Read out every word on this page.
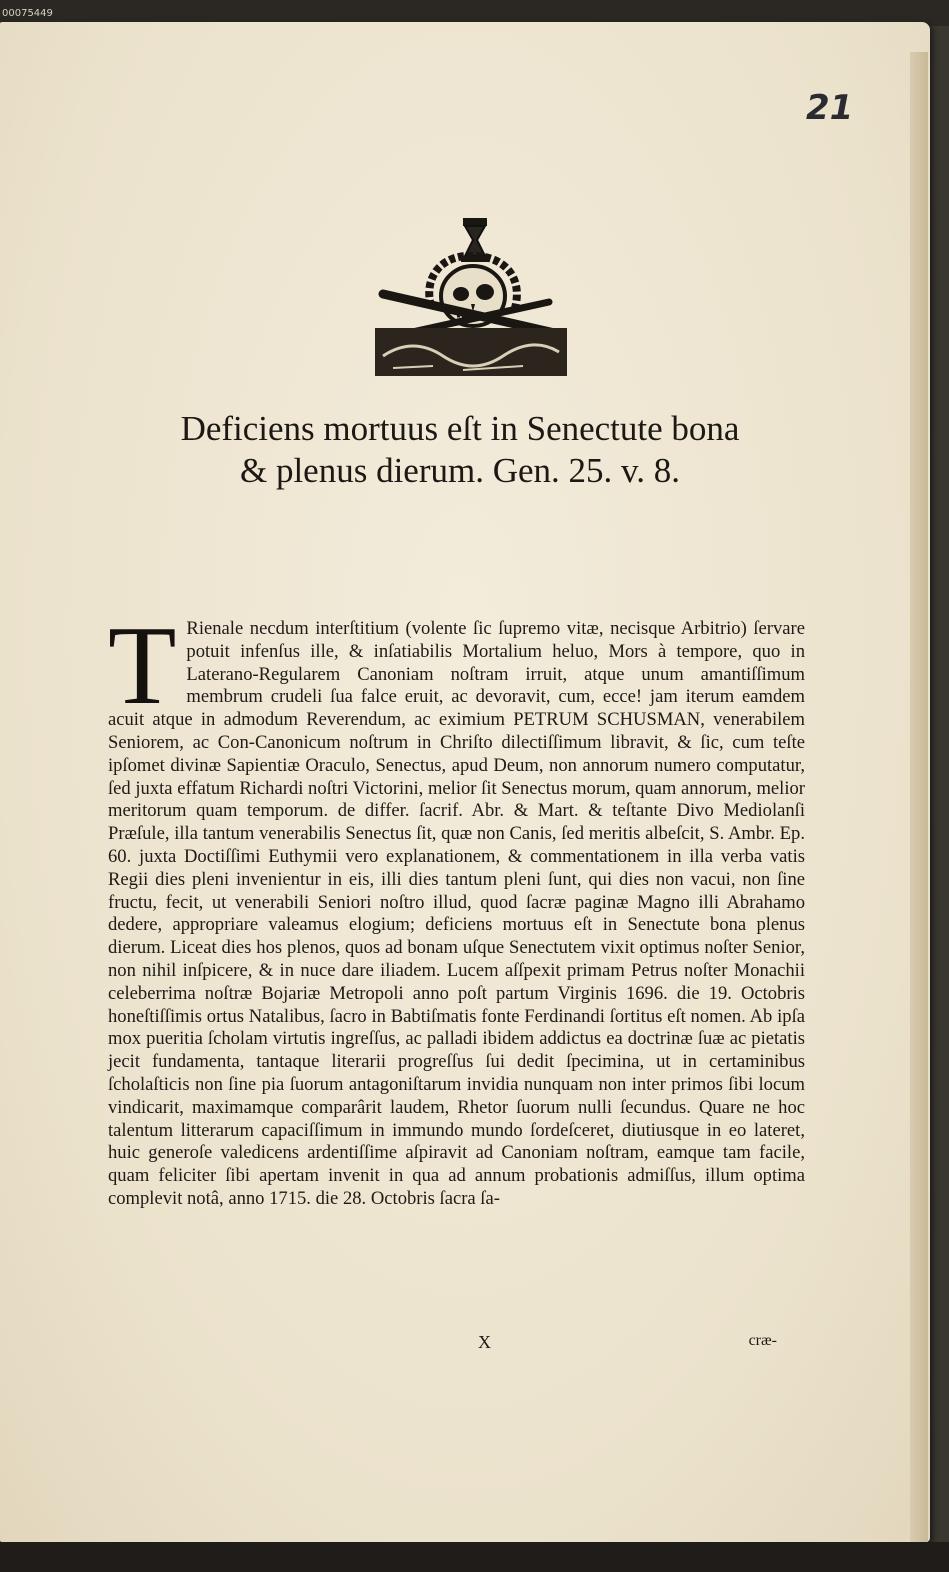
00075449
21
Deficiens mortuus eſt in Senectute bona
& plenus dierum. Gen. 25. v. 8.
T Rienale necdum interſtitium (volente ſic ſupremo vitæ, necisque Arbitrio) ſervare potuit infenſus ille, & inſatiabilis Mortalium heluo, Mors à tempore, quo in Laterano-Regularem Canoniam noſtram irruit, atque unum amantiſſimum membrum crudeli ſua falce eruit, ac devoravit, cum, ecce! jam iterum eamdem acuit atque in admodum Reverendum, ac eximium PETRUM SCHUSMAN, venerabilem Seniorem, ac Con-Canonicum noſtrum in Chriſto dilectiſſimum libravit, & ſic, cum teſte ipſomet divinæ Sapientiæ Oraculo, Senectus, apud Deum, non annorum numero computatur, ſed juxta effatum Richardi noſtri Victorini, melior ſit Senectus morum, quam annorum, melior meritorum quam temporum. de differ. ſacrif. Abr. & Mart. & teſtante Divo Mediolanſi Præſule, illa tantum venerabilis Senectus ſit, quæ non Canis, ſed meritis albeſcit, S. Ambr. Ep. 60. juxta Doctiſſimi Euthymii vero explanationem, & commentationem in illa verba vatis Regii dies pleni invenientur in eis, illi dies tantum pleni ſunt, qui dies non vacui, non ſine fructu, fecit, ut venerabili Seniori noſtro illud, quod ſacræ paginæ Magno illi Abrahamo dedere, appropriare valeamus elogium; deficiens mortuus eſt in Senectute bona plenus dierum. Liceat dies hos plenos, quos ad bonam uſque Senectutem vixit optimus noſter Senior, non nihil inſpicere, & in nuce dare iliadem. Lucem aſſpexit primam Petrus noſter Monachii celeberrima noſtræ Bojariæ Metropoli anno poſt partum Virginis 1696. die 19. Octobris honeſtiſſimis ortus Natalibus, ſacro in Babtiſmatis fonte Ferdinandi ſortitus eſt nomen. Ab ipſa mox pueritia ſcholam virtutis ingreſſus, ac palladi ibidem addictus ea doctrinæ ſuæ ac pietatis jecit fundamenta, tantaque literarii progreſſus ſui dedit ſpecimina, ut in certaminibus ſcholaſticis non ſine pia ſuorum antagoniſtarum invidia nunquam non inter primos ſibi locum vindicarit, maximamque comparârit laudem, Rhetor ſuorum nulli ſecundus. Quare ne hoc talentum litterarum capaciſſimum in immundo mundo ſordeſceret, diutiusque in eo lateret, huic generoſe valedicens ardentiſſime aſpiravit ad Canoniam noſtram, eamque tam facile, quam feliciter ſibi apertam invenit in qua ad annum probationis admiſſus, illum optima complevit notâ, anno 1715. die 28. Octobris ſacra ſa-

X	cræ-
